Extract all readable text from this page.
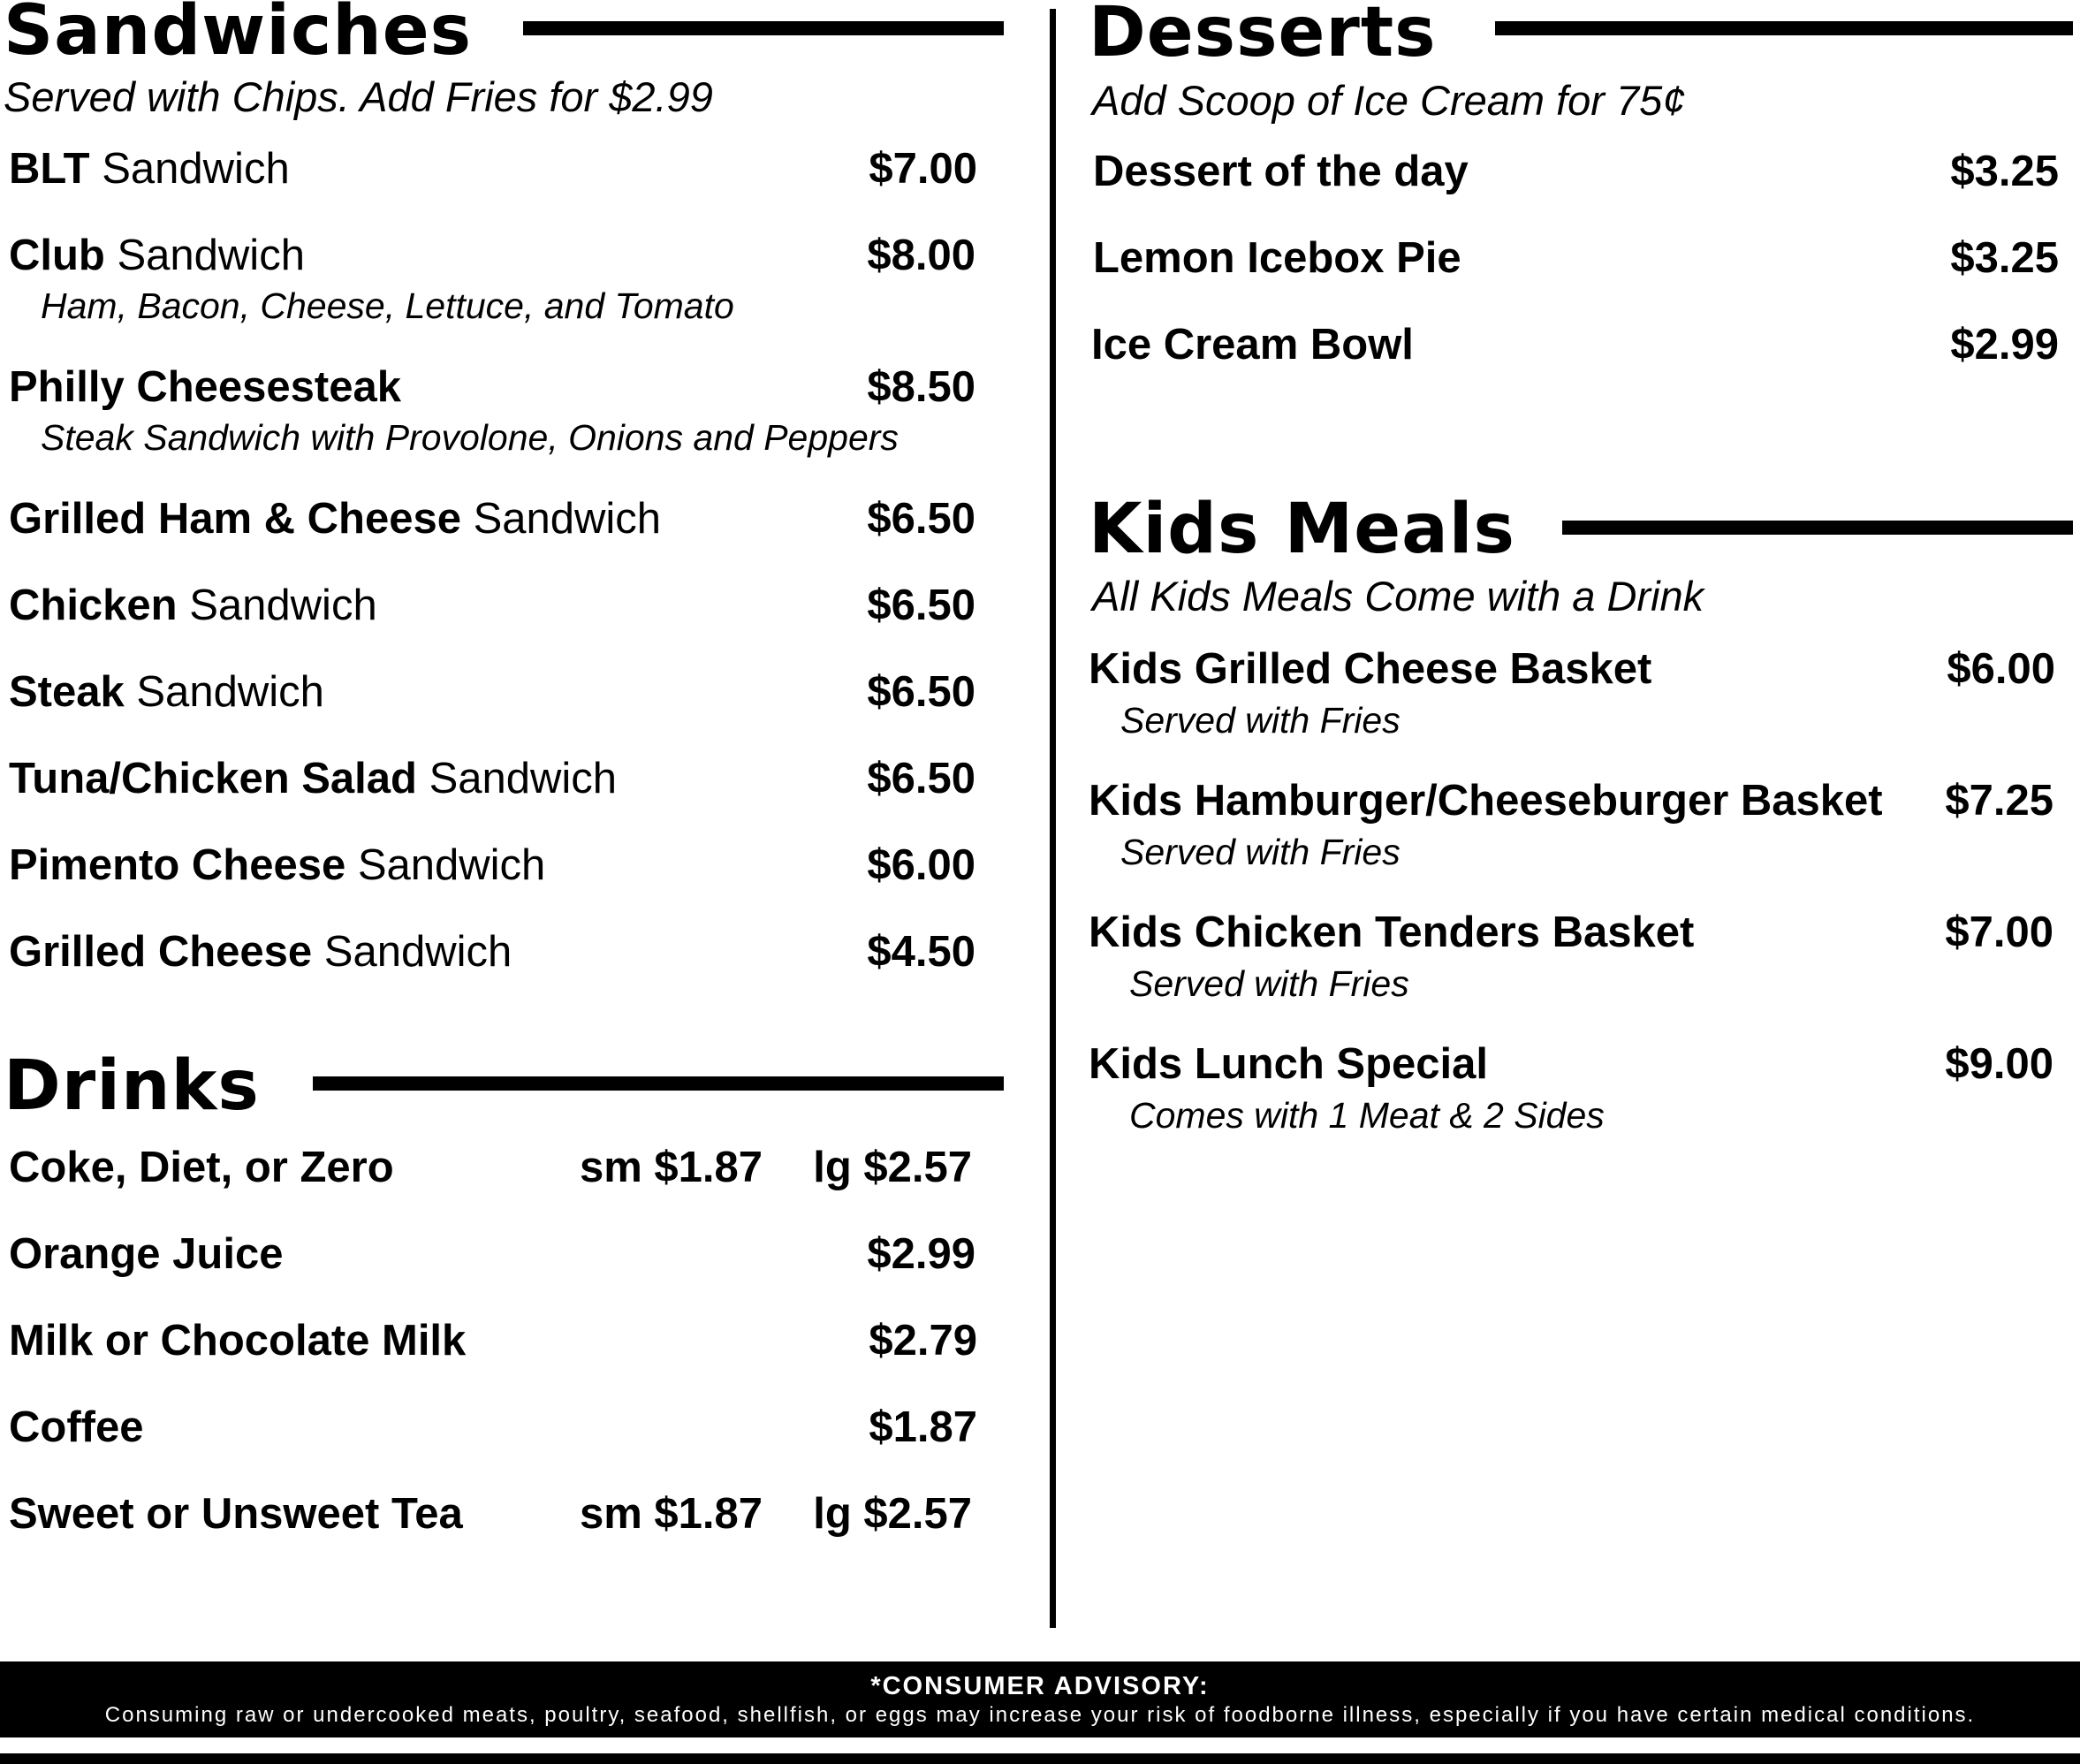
Sandwiches
Served with Chips. Add Fries for $2.99
BLT Sandwich	$7.00
Club Sandwich	$8.00
Ham, Bacon, Cheese, Lettuce, and Tomato
Philly Cheesesteak	$8.50
Steak Sandwich with Provolone, Onions and Peppers
Grilled Ham & Cheese Sandwich	$6.50
Chicken Sandwich	$6.50
Steak Sandwich	$6.50
Tuna/Chicken Salad Sandwich	$6.50
Pimento Cheese Sandwich	$6.00
Grilled Cheese Sandwich	$4.50
Drinks
Coke, Diet, or Zero	sm $1.87 lg $2.57
Orange Juice	$2.99
Milk or Chocolate Milk	$2.79
Coffee	$1.87
Sweet or Unsweet Tea	sm $1.87 lg $2.57
Desserts
Add Scoop of Ice Cream for 75¢
Dessert of the day	$3.25
Lemon Icebox Pie	$3.25
Ice Cream Bowl	$2.99
Kids Meals
All Kids Meals Come with a Drink
Kids Grilled Cheese Basket	$6.00
Served with Fries
Kids Hamburger/Cheeseburger Basket $7.25
Served with Fries
Kids Chicken Tenders Basket	$7.00
Served with Fries
Kids Lunch Special	$9.00
Comes with 1 Meat & 2 Sides
*CONSUMER ADVISORY:
Consuming raw or undercooked meats, poultry, seafood, shellfish, or eggs may increase your risk of foodborne illness, especially if you have certain medical conditions.
